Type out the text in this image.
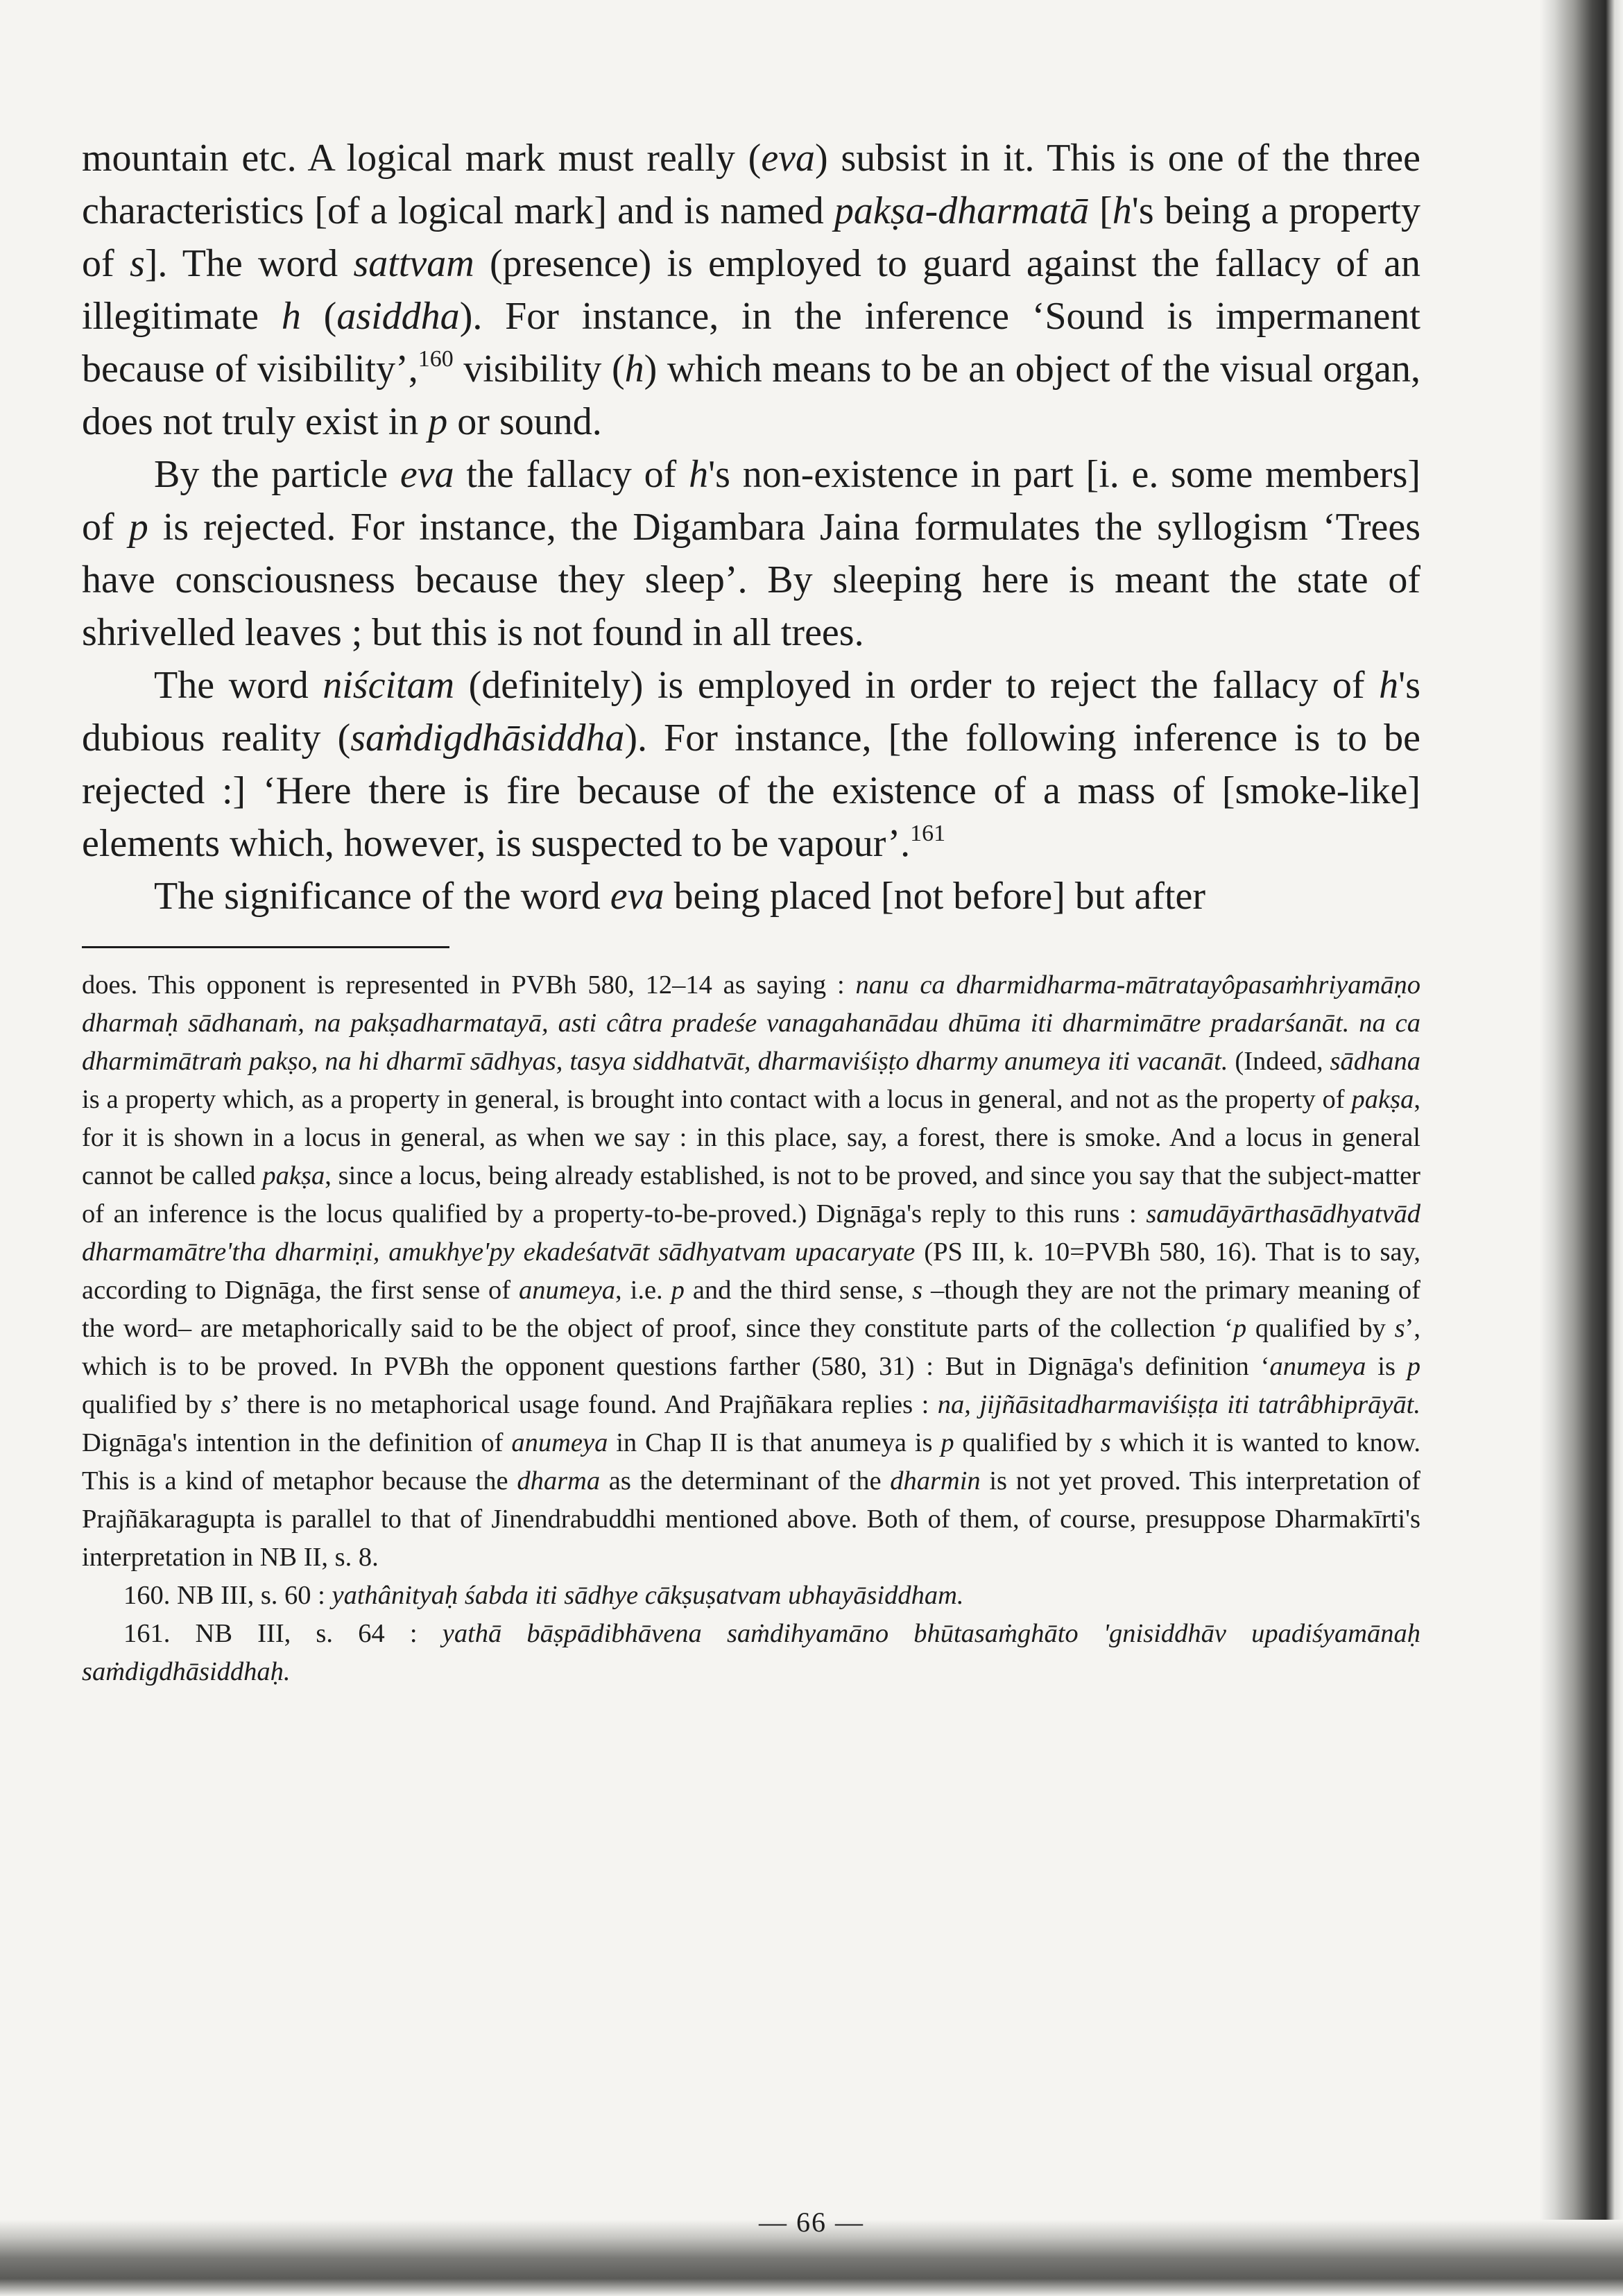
mountain etc. A logical mark must really (eva) subsist in it. This is one of the three characteristics [of a logical mark] and is named pakṣa-dharmatā [h's being a property of s]. The word sattvam (presence) is employed to guard against the fallacy of an illegitimate h (asiddha). For instance, in the inference ‘Sound is impermanent because of visibility’,$^{160}$ visibility (h) which means to be an object of the visual organ, does not truly exist in p or sound.

By the particle eva the fallacy of h's non-existence in part [i. e. some members] of p is rejected. For instance, the Digambara Jaina formulates the syllogism ‘Trees have consciousness because they sleep’. By sleeping here is meant the state of shrivelled leaves ; but this is not found in all trees.

The word niścitam (definitely) is employed in order to reject the fallacy of h's dubious reality (saṁdigdhāsiddha). For instance, [the following inference is to be rejected :] ‘Here there is fire because of the existence of a mass of [smoke-like] elements which, however, is suspected to be vapour’.$^{161}$

The significance of the word eva being placed [not before] but after

does. This opponent is represented in PVBh 580, 12–14 as saying : nanu ca dharmidharma-mātratayôpasaṁhriyamāṇo dharmaḥ sādhanaṁ, na pakṣadharmatayā, asti câtra pradeśe vanagahanādau dhūma iti dharmimātre pradarśanāt. na ca dharmimātraṁ pakṣo, na hi dharmī sādhyas, tasya siddhatvāt, dharmaviśiṣṭo dharmy anumeya iti vacanāt. (Indeed, sādhana is a property which, as a property in general, is brought into contact with a locus in general, and not as the property of pakṣa, for it is shown in a locus in general, as when we say : in this place, say, a forest, there is smoke. And a locus in general cannot be called pakṣa, since a locus, being already established, is not to be proved, and since you say that the subject-matter of an inference is the locus qualified by a property-to-be-proved.) Dignāga's reply to this runs : samudāyārthasādhyatvād dharmamātre'tha dharmiṇi, amukhye'py ekadeśatvāt sādhyatvam upacaryate (PS III, k. 10=PVBh 580, 16). That is to say, according to Dignāga, the first sense of anumeya, i.e. p and the third sense, s –though they are not the primary meaning of the word– are metaphorically said to be the object of proof, since they constitute parts of the collection ‘p qualified by s’, which is to be proved. In PVBh the opponent questions farther (580, 31) : But in Dignāga's definition ‘anumeya is p qualified by s’ there is no metaphorical usage found. And Prajñākara replies : na, jijñāsitadharmaviśiṣṭa iti tatrâbhiprāyāt. Dignāga's intention in the definition of anumeya in Chap II is that anumeya is p qualified by s which it is wanted to know. This is a kind of metaphor because the dharma as the determinant of the dharmin is not yet proved. This interpretation of Prajñākaragupta is parallel to that of Jinendrabuddhi mentioned above. Both of them, of course, presuppose Dharmakīrti's interpretation in NB II, s. 8.

160. NB III, s. 60 : yathânityaḥ śabda iti sādhye cākṣuṣatvam ubhayāsiddham.

161. NB III, s. 64 : yathā bāṣpādibhāvena saṁdihyamāno bhūtasaṁghāto 'gnisiddhāv upadiśyamānaḥ saṁdigdhāsiddhaḥ.

— 66 —
